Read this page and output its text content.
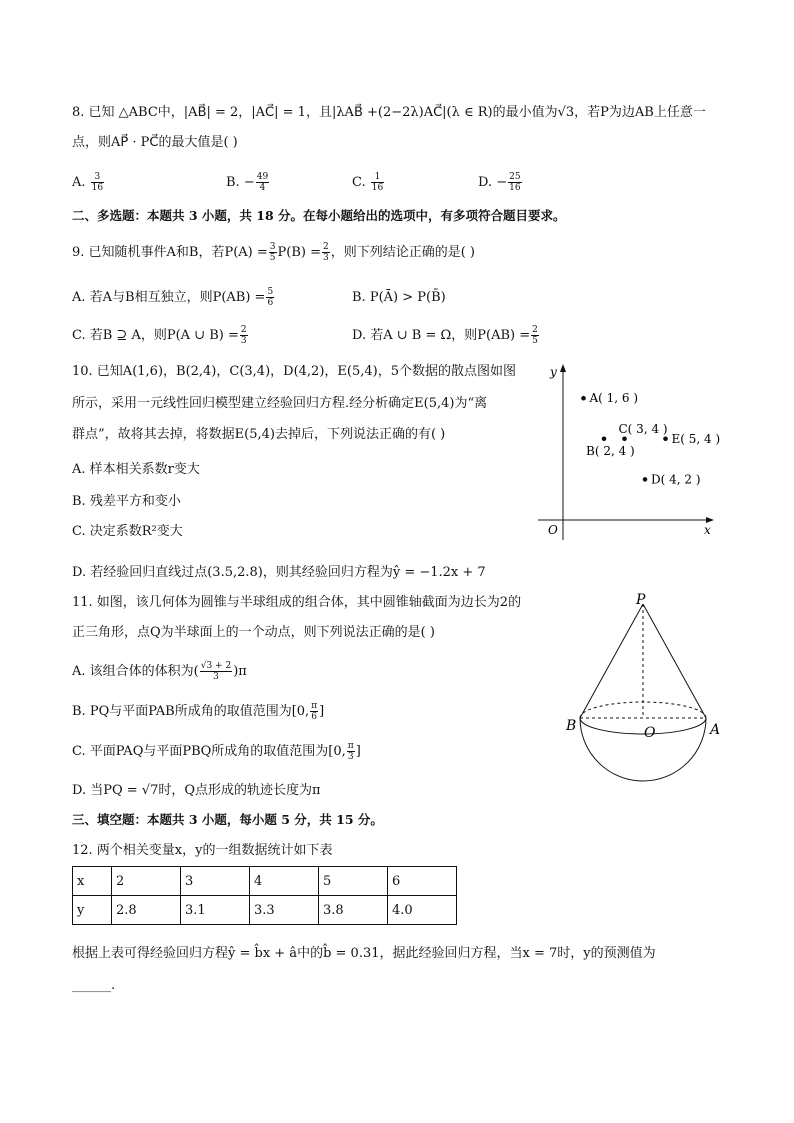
8. 已知 △ABC中，|AB⃗| = 2，|AC⃗| = 1，且|λAB⃗ +(2−2λ)AC⃗|(λ ∈ R)的最小值为√3，若P为边AB上任意一
点，则AP⃗ · PC⃗的最大值是( )
A. $\frac{3}{16}$	B. − $\frac{49}{4}$	C. $\frac{1}{16}$	D. − $\frac{25}{16}$
二、多选题：本题共 3 小题，共 18 分。在每小题给出的选项中，有多项符合题目要求。
9. 已知随机事件A和B，若$P(A) = \frac{3}{5} P(B) = \frac{2}{3}$ ，则下列结论正确的是( )
A. 若A与B相互独立，则$P(AB) = \frac{5}{6}$	B. P(Ā) > P(B̄)
C. 若B ⊇ A，则P(A ∪ $B) = \frac{2}{3}$	D. 若A ∪ B = Ω，则$P(AB) = \frac{2}{5}$
10. 已知A(1,6)，B(2,4)，C(3,4)，D(4,2)，E(5,4)，5个数据的散点图如图
所示，采用一元线性回归模型建立经验回归方程.经分析确定E(5,4)为“离
群点”，故将其去掉，将数据E(5,4)去掉后，下列说法正确的有( )
A. 样本相关系数r变大
B. 残差平方和变小
C. 决定系数R²变大
D. 若经验回归直线过点(3.5,2.8)，则其经验回归方程为ŷ = −1.2x + 7
y
x
O
A( 1, 6 )
B( 2, 4 )
C( 3, 4 )
D( 4, 2 )
E( 5, 4 )
11. 如图，该几何体为圆锥与半球组成的组合体，其中圆锥轴截面为边长为2的
正三角形，点Q为半球面上的一个动点，则下列说法正确的是( )
A. 该组合体的体积为( $\frac{√3 + 2}{3} )\pi$
B. PQ与平面PAB所成角的取值范围为[0, $\frac{\pi}{6}$ ]
C. 平面PAQ与平面PBQ所成角的取值范围为[0, $\frac{\pi}{3}$ ]
D. 当PQ = √7时，Q点形成的轨迹长度为π
P
B	O	A
三、填空题：本题共 3 小题，每小题 5 分，共 15 分。
12. 两个相关变量x，y的一组数据统计如下表
x	2	3	4	5	6
y	2.8	3.1	3.3	3.8	4.0
根据上表可得经验回归方程ŷ = b̂x + â中的b̂ = 0.31，据此经验回归方程，当x = 7时，y的预测值为
______.
